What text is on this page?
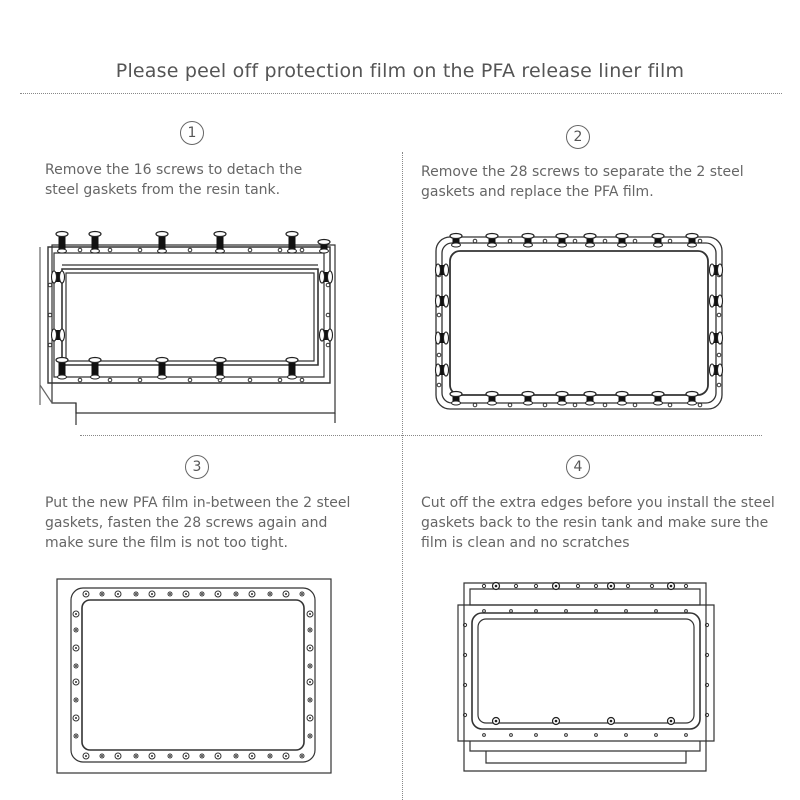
Please peel off protection film on the PFA release liner film
1
Remove the 16 screws to detach the
steel gaskets from the resin tank.
2
Remove the 28 screws to separate the 2 steel
gaskets and replace the PFA film.
3
Put the new PFA film in-between the 2 steel
gaskets, fasten the 28 screws again and
make sure the film is not too tight.
4
Cut off the extra edges before you install the steel
gaskets back to the resin tank and make sure the
film is clean and no scratches
